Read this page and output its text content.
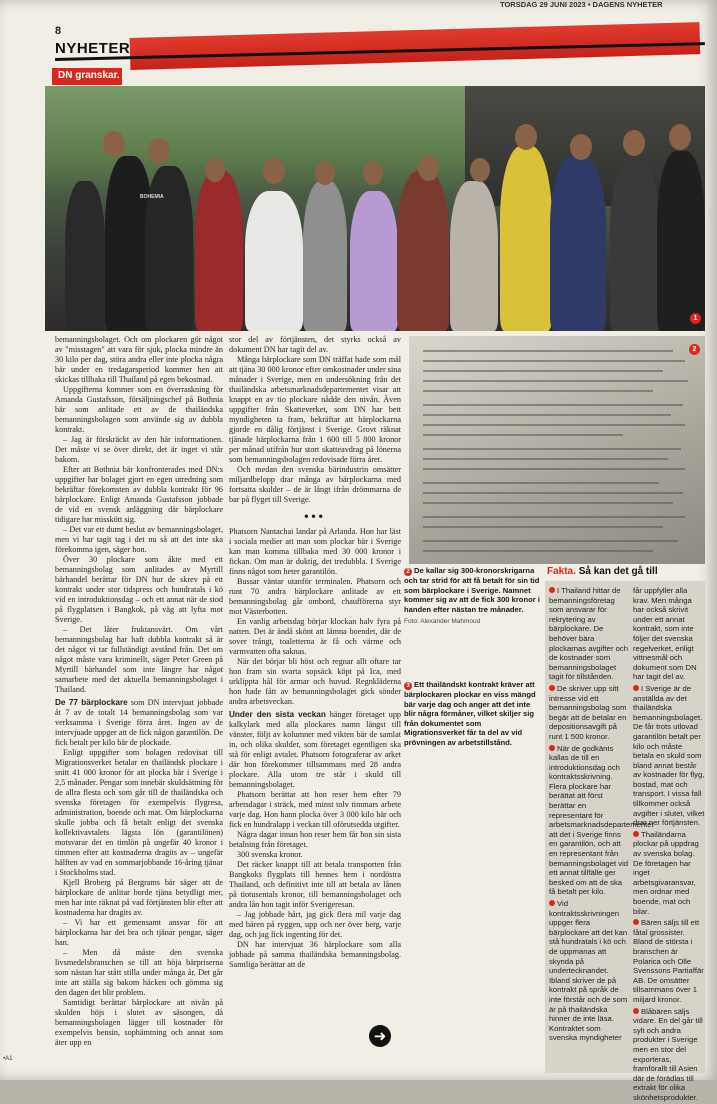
TORSDAG 29 JUNI 2023 • DAGENS NYHETER
8
NYHETER
DN granskar.
BOHEMIA
1
2

bemanningsbolaget. Och om plockaren gör något av "misstagen" att vara för sjuk, plocka mindre än 30 kilo per dag, störa andra eller inte plocka några bär under en tredagarsperiod kommer hen att skickas tillbaka till Thailand på egen bekostnad.

Uppgifterna kommer som en överraskning för Amanda Gustafsson, försäljningschef på Bothnia bär som anlitade ett av de thailändska bemanningsbolagen som använde sig av dubbla kontrakt.

– Jag är förskräckt av den här informationen. Det måste vi se över direkt, det är inget vi står bakom.

Efter att Bothnia bär konfronterades med DN:s uppgifter har bolaget gjort en egen utredning som bekräftar förekomsten av dubbla kontrakt för 96 bärplockare. Enligt Amanda Gustafsson jobbade de vid en svensk anläggning där bärplockare tidigare har misskött sig.

– Det var ett dumt beslut av bemanningsbolaget, men vi har tagit tag i det nu så att det inte ska förekomma igen, säger hon.

Över 30 plockare som åkte med ett bemanningsbolag som anlitades av Myrtill bärhandel berättar för DN hur de skrev på ett kontrakt under stor tidspress och hundratals i kö vid en introduktionsdag – och ett annat när de stod på flygplatsen i Bangkok, på väg att lyfta mot Sverige.

– Det låter fruktansvärt. Om vårt bemanningsbolag har haft dubbla kontrakt så är det något vi tar fullständigt avstånd från. Det om något måste vara kriminellt, säger Peter Green på Myrtill bärhandel som inte längre har något samarbete med det aktuella bemanningsbolaget i Thailand.

De 77 bärplockare som DN intervjuat jobbade åt 7 av de totalt 14 bemanningsbolag som var verksamma i Sverige förra året. Ingen av de intervjuade uppger att de fick någon garantilön. De fick betalt per kilo bär de plockade.

Enligt uppgifter som bolagen redovisat till Migrationsverket betalar en thailändsk plockare i snitt 41 000 kronor för att plocka bär i Sverige i 2,5 månader. Pengar som innebär skuldsättning för de allra flesta och som går till de thailändska och svenska företagen för exempelvis flygresa, administration, boende och mat. Om bärplockarna skulle jobba och få betalt enligt det svenska kollektivavtalets lägsta lön (garantilönen) motsvarar det en timlön på ungefär 40 kronor i timmen efter att kostnaderna dragits av – ungefär hälften av vad en sommarjobbande 16-åring tjänar i Stockholms stad.

Kjell Broberg på Bergrams bär säger att de bärplockare de anlitar borde tjäna betydligt mer, men har inte räknat på vad förtjänsten blir efter att kostnaderna har dragits av.

– Vi har ett gemensamt ansvar för att bärplockarna har det bra och tjänar pengar, säger han.

– Men då måste den svenska livsmedelsbranschen se till att höja bärpriserna som nästan har stått stilla under många år. Det går inte att ställa sig bakom häcken och gömma sig den dagen det blir problem.

Samtidigt berättar bärplockare att nivån på skulden höjs i slutet av säsongen, då bemanningsbolagen lägger till kostnader för exempelvis bensin, sophämtning och annat som äter upp en

stor del av förtjänsten, det styrks också av dokument DN har tagit del av.

Många bärplockare som DN träffat hade som mål att tjäna 30 000 kronor efter omkostnader under sina månader i Sverige, men en undersökning från det thailändska arbetsmarknadsdepartementet visar att knappt en av tio plockare nådde den nivån. Även uppgifter från Skatteverket, som DN har bett myndigheten ta fram, bekräftar att bärplockarna gjorde en dålig förtjänst i Sverige. Grovt räknat tjänade bärplockarna från 1 600 till 5 800 kronor per månad utifrån hur stort skatteavdrag på lönerna som bemanningsbolagen redovisade förra året.

Och medan den svenska bärindustrin omsätter miljardbelopp drar många av bärplockarna med fortsatta skulder – de är långt ifrån drömmarna de bar på flyget till Sverige.

•••

Phatsorn Nantachai landar på Arlanda. Hon har läst i sociala medier att man som plockar bär i Sverige kan man komma tillbaka med 30 000 kronor i fickan. Om man är duktig, det tredubbla. I Sverige finns något som heter garantilön.

Bussar väntar utanför terminalen. Phatsorn och runt 70 andra bärplockare anlitade av ett bemanningsbolag går ombord, chaufförerna styr mot Västerbotten.

En vanlig arbetsdag börjar klockan halv fyra på natten. Det är ändå skönt att lämna boendet, där de sover trångt, toaletterna är få och värme och varmvatten ofta saknas.

När det börjar bli höst och regnar allt oftare tar hon fram sin svarta sopsäck köpt på Ica, med urklippta hål för armar och huvud. Regnkläderna hon hade fått av bemanningsbolaget gick sönder andra arbetsveckan.

Under den sista veckan hänger företaget upp kalkylark med alla plockares namn längst till vänster, följt av kolumner med vikten bär de samlat in, och olika skulder, som företaget egentligen ska stå för enligt avtalet. Phatsorn fotograferar av arket där hon förekommer tillsammans med 28 andra plockare. Alla utom tre står i skuld till bemanningsbolaget.

Phatsorn berättar att hon reser hem efter 79 arbetsdagar i sträck, med minst tolv timmars arbete varje dag. Hon hann plocka över 3 000 kilo bär och fick en hundralapp i veckan till oförutsedda utgifter.

Några dagar innan hon reser hem får hon sin sista betalning från företaget.

300 svenska kronor.

Det räcker knappt till att betala transporten från Bangkoks flygplats till hennes hem i nordöstra Thailand, och definitivt inte till att betala av lånen på tiotusentals kronor, till bemanningsbolaget och andra lån hon tagit inför Sverigeresan.

– Jag jobbade hårt, jag gick flera mil varje dag med bären på ryggen, upp och ner över berg, varje dag, och jag fick ingenting för det.

DN har intervjuat 36 bärplockare som alla jobbade på samma thailändska bemanningsbolag. Samtliga berättar att de

2 De kallar sig 300-kronorskrigarna och tar strid för att få betalt för sin tid som bärplockare i Sverige. Namnet kommer sig av att de fick 300 kronor i handen efter nästan tre månader.
Foto: Alexander Mahmoud
3 Ett thailändskt kontrakt kräver att bärplockaren plockar en viss mängd bär varje dag och anger att det inte blir några förmåner, vilket skiljer sig från dokumentet som Migrationsverket får ta del av vid prövningen av arbetstillstånd.
Fakta. Så kan det gå till
I Thailand hittar de bemanningsföretag som ansvarar för rekrytering av bärplockare. De behöver bära plockarnas avgifter och de kostnader som bemanningsbolaget tagit för tillstånden.
De skriver upp sitt intresse vid ett bemanningsbolag som begär att de betalar en depositionsavgift på runt 1 500 kronor.
När de godkänts kallas de till en introduktionsdag och kontraktsskrivning. Flera plockare har berättat att först berättar en representant för arbetsmarknadsdepartementet att det i Sverige finns en garantilön, och att en representant från bemanningsbolaget vid ett annat tillfälle ger besked om att de ska få betalt per kilo.
Vid kontraktsskrivningen uppger flera bärplockare att det kan stå hundratals i kö och de uppmanas att skynda på undertecknandet. Ibland skriver de på kontrakt på språk de inte förstår och de som är på thailändska hinner de inte läsa. Kontraktet som svenska myndigheter
får uppfyller alla krav. Men många har också skrivit under ett annat kontrakt, som inte följer det svenska regelverket, enligt vittnesmål och dokument som DN har tagit del av.
I Sverige är de anställda av det thailändska bemanningsbolaget. De får trots utlovad garantilön betalt per kilo och måste betala en skuld som bland annat består av kostnader för flyg, bostad, mat och transport. I vissa fall tillkommer också avgifter i slutet, vilket drar ner förtjänsten.
Thailändarna plockar på uppdrag av svenska bolag. De företagen har inget arbetsgivaransvar, men ordnar med boende, mat och bilar.
Bären säljs till ett fåtal grossister. Bland de största i branschen är Polarica och Olle Svenssons Partiaffär AB. De omsätter tillsammans över 1 miljard kronor.
Blåbären säljs vidare. En del går till sylt och andra produkter i Sverige men en stor del exporteras, framförallt till Asien där de förädlas till extrakt för olika skönhetsprodukter.
➜
•A1
